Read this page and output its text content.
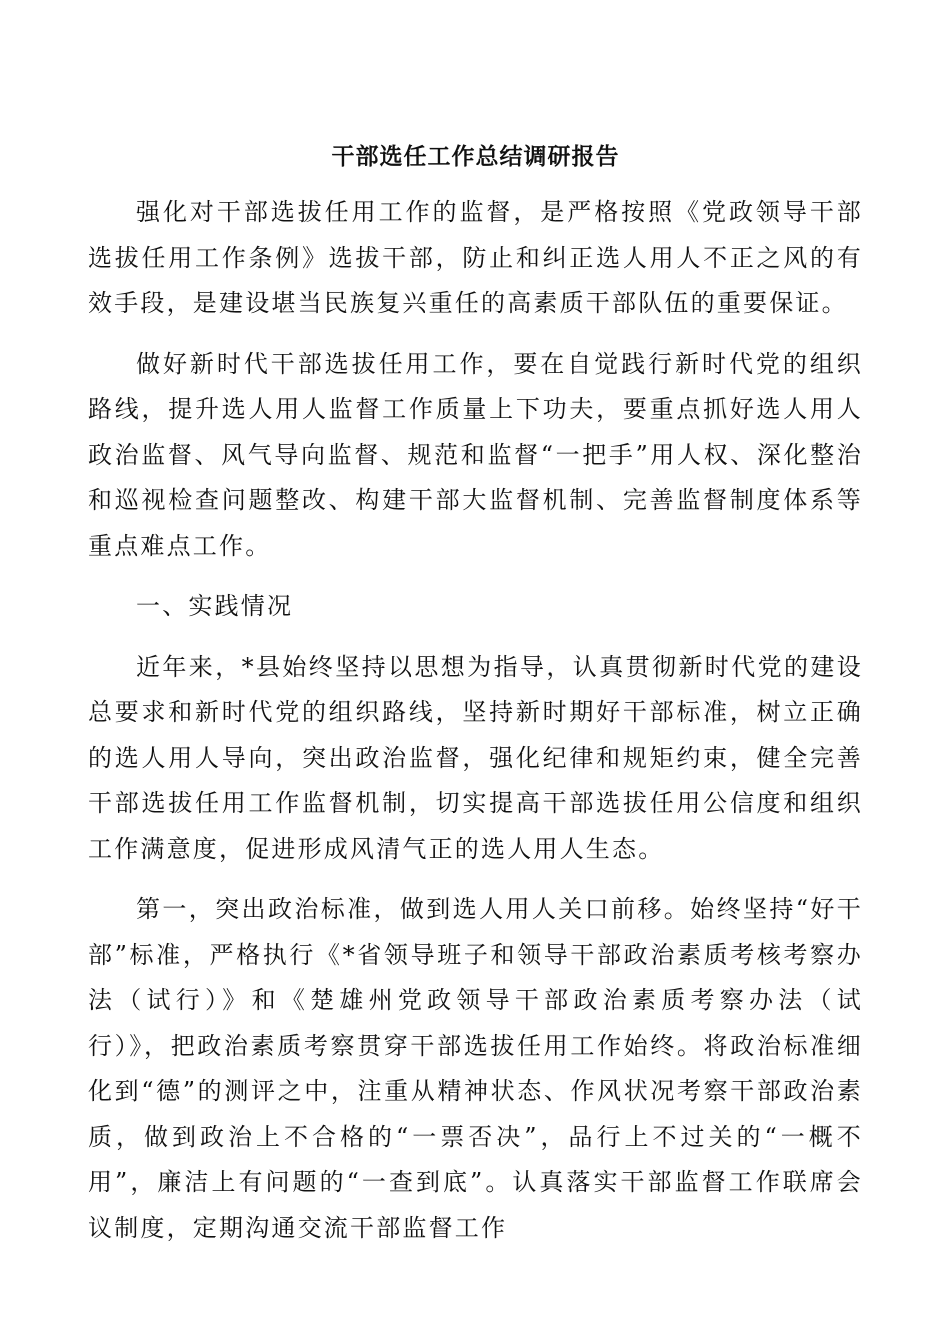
干部选任工作总结调研报告

强化对干部选拔任用工作的监督，是严格按照《党政领导干部选拔任用工作条例》选拔干部，防止和纠正选人用人不正之风的有效手段，是建设堪当民族复兴重任的高素质干部队伍的重要保证。

做好新时代干部选拔任用工作，要在自觉践行新时代党的组织路线，提升选人用人监督工作质量上下功夫，要重点抓好选人用人政治监督、风气导向监督、规范和监督“一把手”用人权、深化整治和巡视检查问题整改、构建干部大监督机制、完善监督制度体系等重点难点工作。

一、实践情况

近年来，*县始终坚持以思想为指导，认真贯彻新时代党的建设总要求和新时代党的组织路线，坚持新时期好干部标准，树立正确的选人用人导向，突出政治监督，强化纪律和规矩约束，健全完善干部选拔任用工作监督机制，切实提高干部选拔任用公信度和组织工作满意度，促进形成风清气正的选人用人生态。

第一，突出政治标准，做到选人用人关口前移。始终坚持“好干部”标准，严格执行《*省领导班子和领导干部政治素质考核考察办法（试行）》和《楚雄州党政领导干部政治素质考察办法（试行）》，把政治素质考察贯穿干部选拔任用工作始终。将政治标准细化到“德”的测评之中，注重从精神状态、作风状况考察干部政治素质，做到政治上不合格的“一票否决”，品行上不过关的“一概不用”，廉洁上有问题的“一查到底”。认真落实干部监督工作联席会议制度，定期沟通交流干部监督工作
